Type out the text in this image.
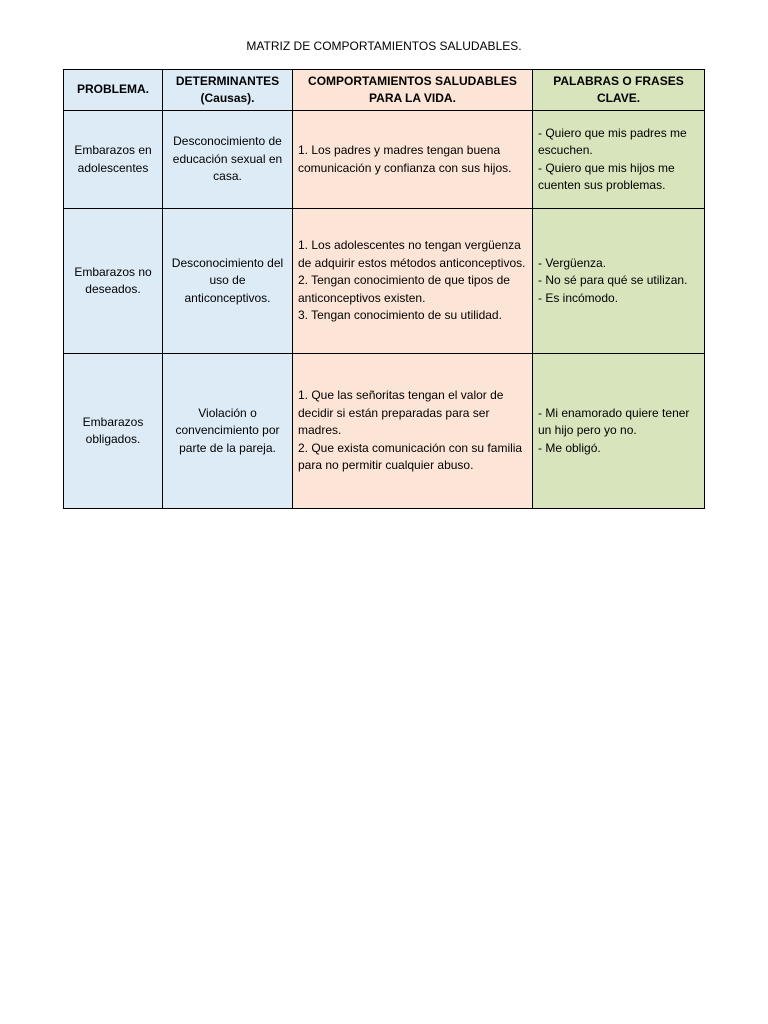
MATRIZ DE COMPORTAMIENTOS SALUDABLES.
PROBLEMA.	DETERMINANTES (Causas).	COMPORTAMIENTOS SALUDABLES PARA LA VIDA.	PALABRAS O FRASES CLAVE.
Embarazos en adolescentes	Desconocimiento de educación sexual en casa.	1. Los padres y madres tengan buena comunicación y confianza con sus hijos.	- Quiero que mis padres me escuchen.
- Quiero que mis hijos me cuenten sus problemas.

Embarazos no deseados.	Desconocimiento del uso de anticonceptivos.	1. Los adolescentes no tengan vergüenza de adquirir estos métodos anticonceptivos.
2. Tengan conocimiento de que tipos de anticonceptivos existen.
3. Tengan conocimiento de su utilidad.	- Vergüenza.
- No sé para qué se utilizan.
- Es incómodo.

Embarazos obligados.	Violación o convencimiento por parte de la pareja.	1. Que las señoritas tengan el valor de decidir si están preparadas para ser madres.
2. Que exista comunicación con su familia para no permitir cualquier abuso.	- Mi enamorado quiere tener un hijo pero yo no.
- Me obligó.
